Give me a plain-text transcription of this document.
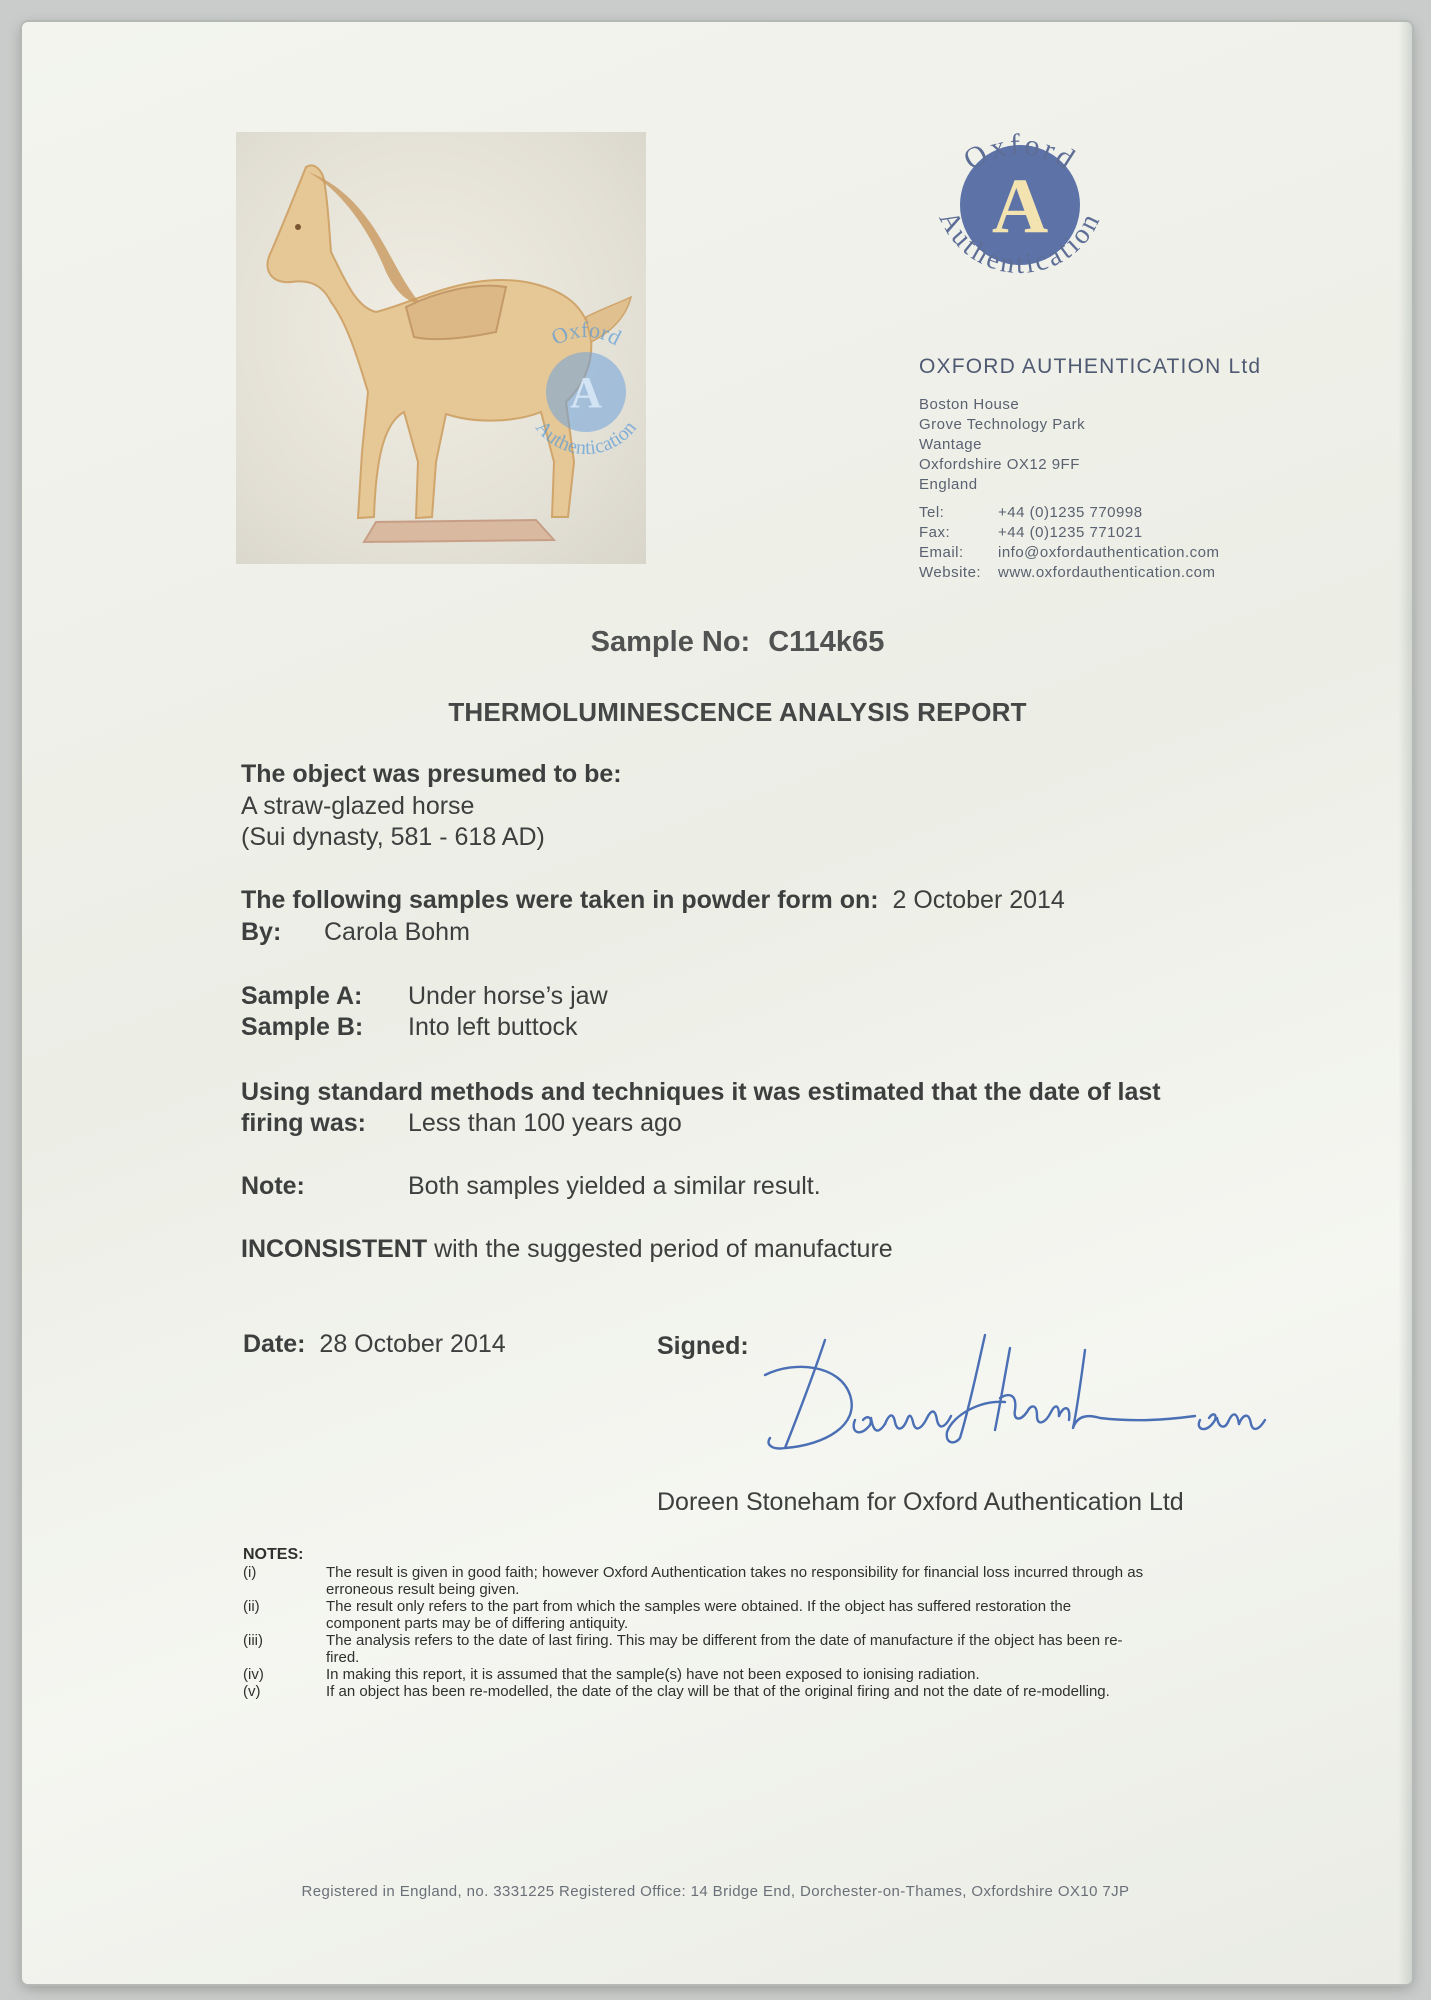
A
Oxford
Authentication
A
Oxford
Authentication
OXFORD AUTHENTICATION Ltd
Boston House
Grove Technology Park
Wantage
Oxfordshire OX12 9FF
England
Tel:	+44 (0)1235 770998
Fax:	+44 (0)1235 771021
Email:	info@oxfordauthentication.com
Website:	www.oxfordauthentication.com
Sample No: C114k65
THERMOLUMINESCENCE ANALYSIS REPORT
The object was presumed to be:
A straw-glazed horse
(Sui dynasty, 581 - 618 AD)
The following samples were taken in powder form on: 2 October 2014
By: Carola Bohm
Sample A: Under horse’s jaw
Sample B: Into left buttock
Using standard methods and techniques it was estimated that the date of last
firing was: Less than 100 years ago
Note:	Both samples yielded a similar result.
INCONSISTENT with the suggested period of manufacture
Date: 28 October 2014	Signed:
Doreen Stoneham for Oxford Authentication Ltd
NOTES:
(i)	The result is given in good faith; however Oxford Authentication takes no responsibility for financial loss incurred through as
erroneous result being given.
(ii)	The result only refers to the part from which the samples were obtained. If the object has suffered restoration the
component parts may be of differing antiquity.
(iii)	The analysis refers to the date of last firing. This may be different from the date of manufacture if the object has been re-
fired.
(iv)	In making this report, it is assumed that the sample(s) have not been exposed to ionising radiation.
(v)	If an object has been re-modelled, the date of the clay will be that of the original firing and not the date of re-modelling.
Registered in England, no. 3331225 Registered Office: 14 Bridge End, Dorchester-on-Thames, Oxfordshire OX10 7JP
